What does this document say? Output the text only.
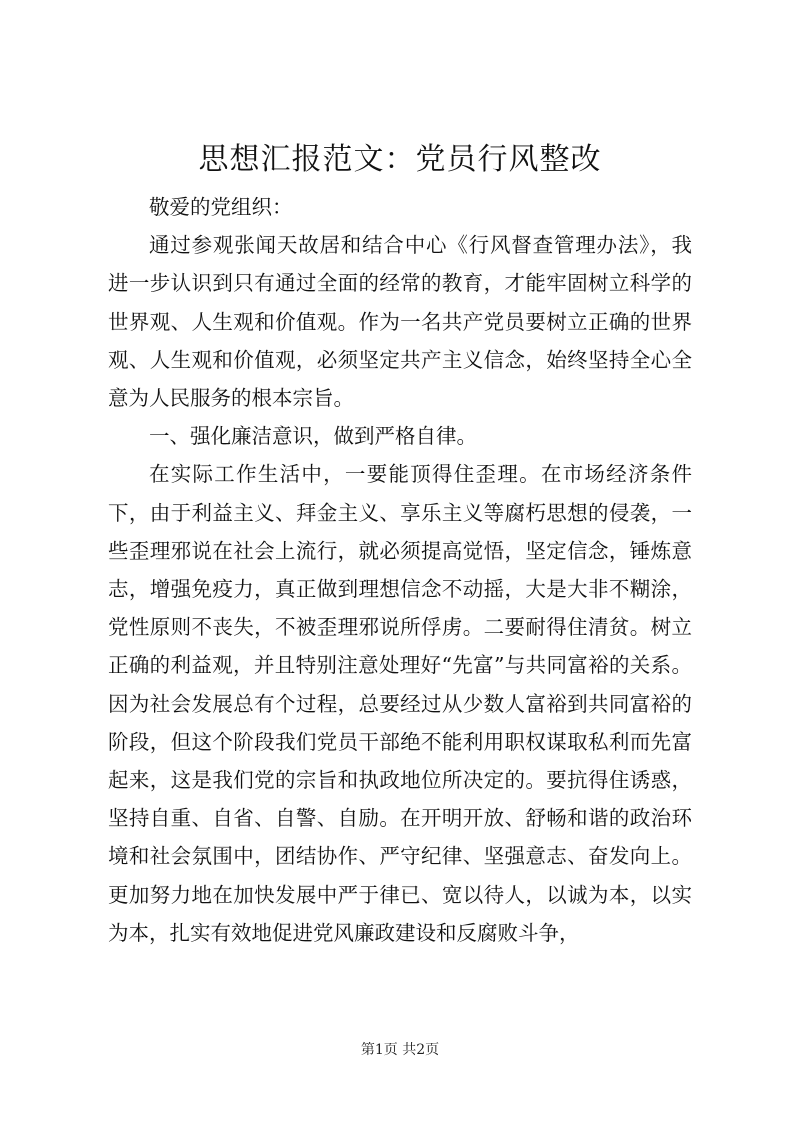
思想汇报范文：党员行风整改

敬爱的党组织：

通过参观张闻天故居和结合中心《行风督查管理办法》，我进一步认识到只有通过全面的经常的教育，才能牢固树立科学的世界观、人生观和价值观。作为一名共产党员要树立正确的世界观、人生观和价值观，必须坚定共产主义信念，始终坚持全心全意为人民服务的根本宗旨。

一、强化廉洁意识，做到严格自律。

在实际工作生活中，一要能顶得住歪理。在市场经济条件下，由于利益主义、拜金主义、享乐主义等腐朽思想的侵袭，一些歪理邪说在社会上流行，就必须提高觉悟，坚定信念，锤炼意志，增强免疫力，真正做到理想信念不动摇，大是大非不糊涂，党性原则不丧失，不被歪理邪说所俘虏。二要耐得住清贫。树立正确的利益观，并且特别注意处理好“先富”与共同富裕的关系。因为社会发展总有个过程，总要经过从少数人富裕到共同富裕的阶段，但这个阶段我们党员干部绝不能利用职权谋取私利而先富起来，这是我们党的宗旨和执政地位所决定的。要抗得住诱惑，坚持自重、自省、自警、自励。在开明开放、舒畅和谐的政治环境和社会氛围中，团结协作、严守纪律、坚强意志、奋发向上。更加努力地在加快发展中严于律已、宽以待人，以诚为本，以实为本，扎实有效地促进党风廉政建设和反腐败斗争，

第1页 共2页
